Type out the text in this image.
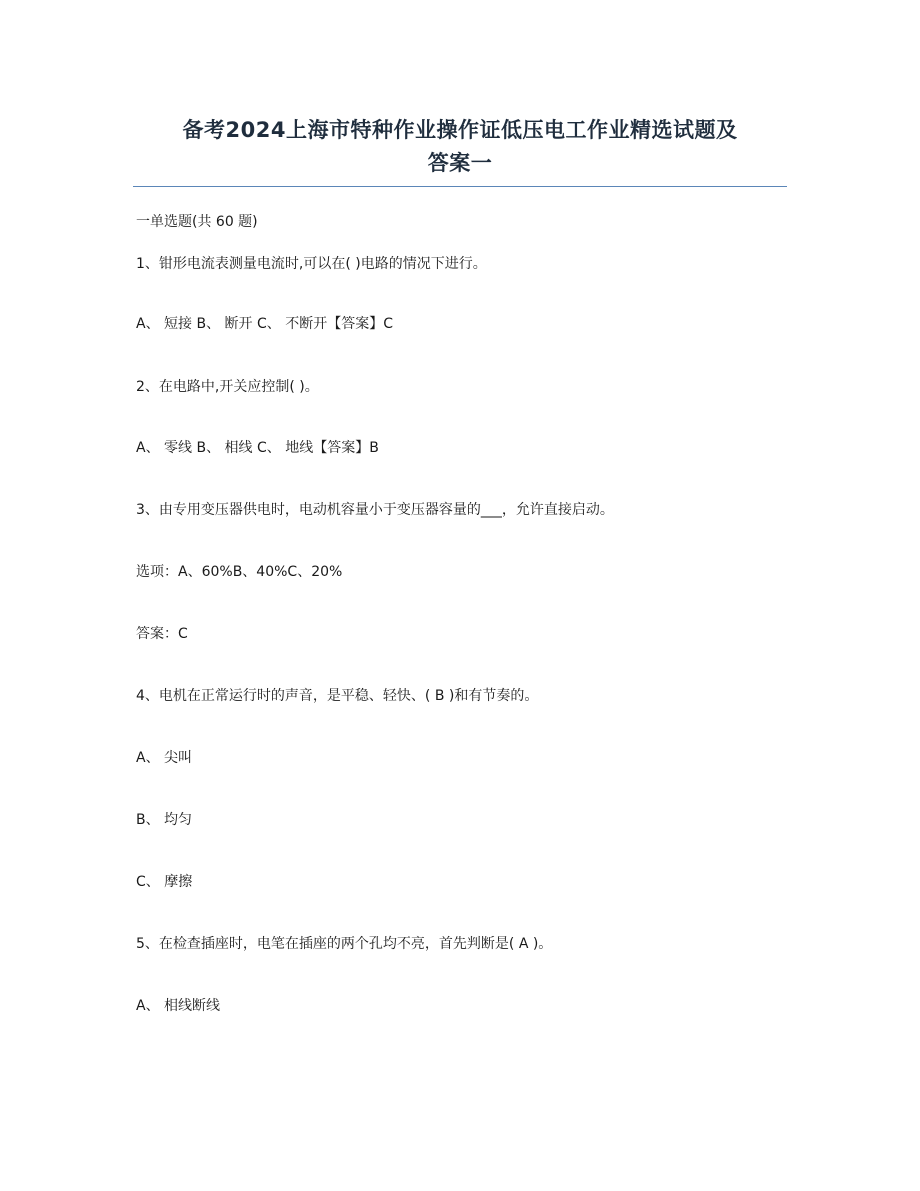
备考2024上海市特种作业操作证低压电工作业精选试题及
答案一
一单选题(共 60 题)
1、钳形电流表测量电流时,可以在( )电路的情况下进行。
A、 短接 B、 断开 C、 不断开【答案】C
2、在电路中,开关应控制( )。
A、 零线 B、 相线 C、 地线【答案】B
3、由专用变压器供电时，电动机容量小于变压器容量的___，允许直接启动。
选项：A、60%B、40%C、20%
答案：C
4、电机在正常运行时的声音，是平稳、轻快、( B )和有节奏的。
A、 尖叫
B、 均匀
C、 摩擦
5、在检查插座时，电笔在插座的两个孔均不亮，首先判断是( A )。
A、 相线断线
